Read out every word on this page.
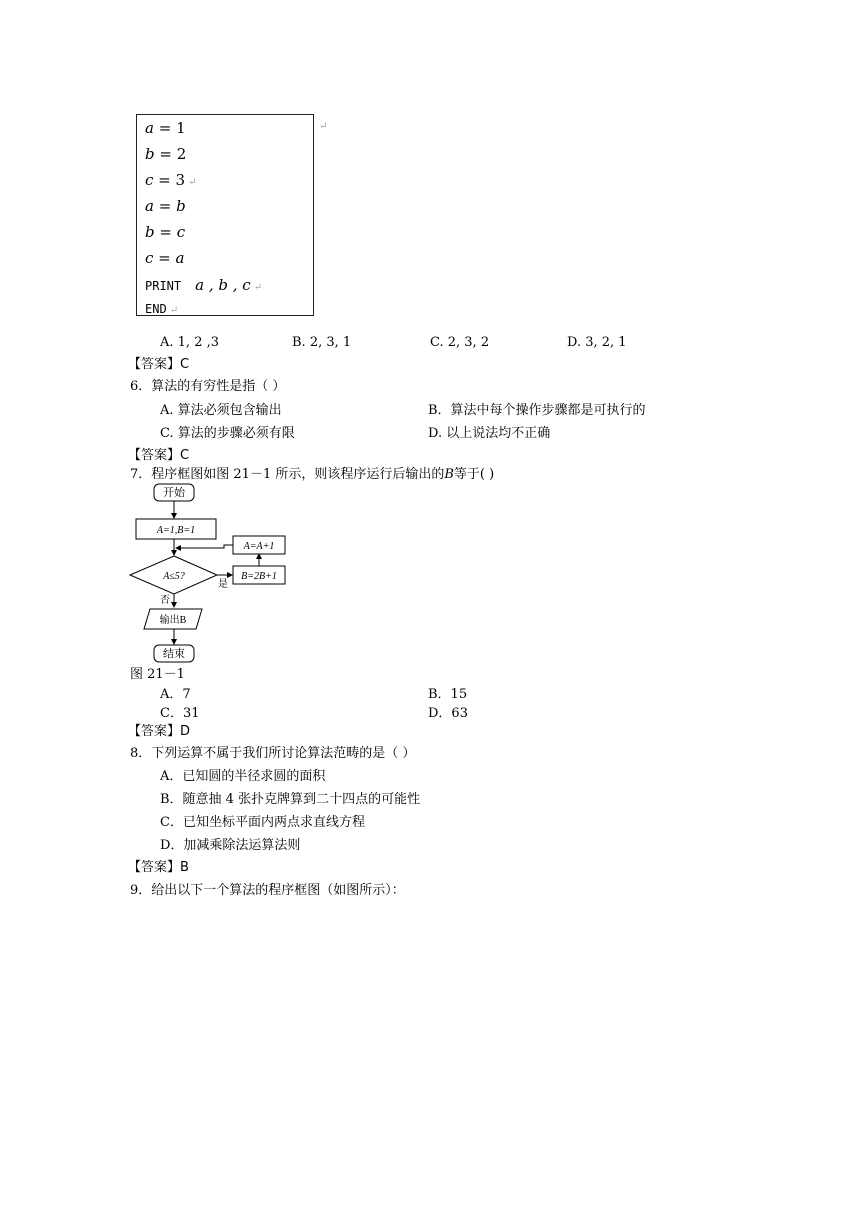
a = 1
b = 2
c = 3 ↵
a = b
b = c
c = a
PRINT a , b , c ↵
END ↵
↵
A. 1, 2 ,3	B. 2, 3, 1	C. 2, 3, 2	D. 3, 2, 1
【答案】C
6．算法的有穷性是指（ ）
A. 算法必须包含输出	B．算法中每个操作步骤都是可执行的
C. 算法的步骤必须有限	D. 以上说法均不正确
【答案】C
7．程序框图如图 21－1 所示，则该程序运行后输出的B等于( )
开始
A=1,B=1
A≤5?
是
B=2B+1
A=A+1
否
输出B
结束
图 21－1
A．7	B．15
C．31	D．63
【答案】D
8．下列运算不属于我们所讨论算法范畴的是（ ）
A．已知圆的半径求圆的面积
B．随意抽 4 张扑克牌算到二十四点的可能性
C．已知坐标平面内两点求直线方程
D．加减乘除法运算法则
【答案】B
9．给出以下一个算法的程序框图（如图所示）：
